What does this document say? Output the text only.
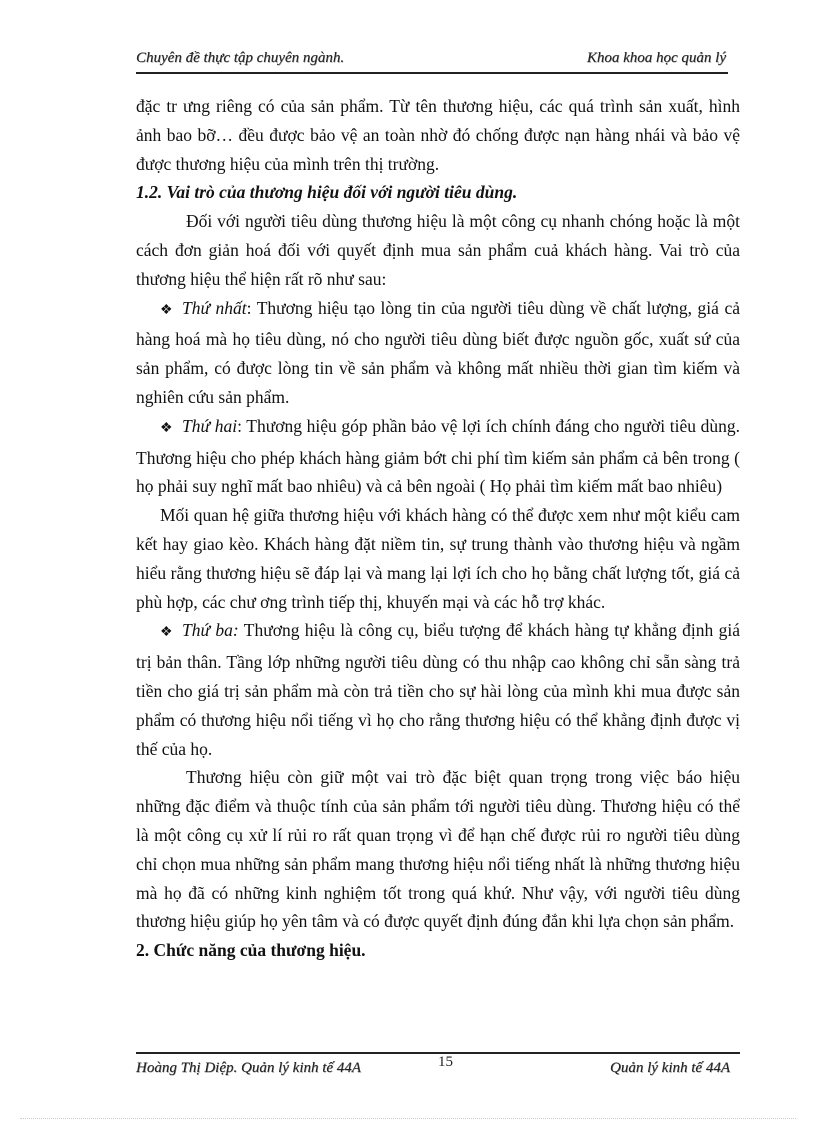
Chuyên đề thực tập chuyên ngành.	Khoa khoa học quản lý

đặc tr ưng riêng có của sản phẩm. Từ tên thương hiệu, các quá trình sản xuất, hình ảnh bao bỡ… đều được bảo vệ an toàn nhờ đó chống được nạn hàng nhái và bảo vệ được thương hiệu của mình trên thị trường.

1.2. Vai trò của thương hiệu đối với người tiêu dùng.

Đối với người tiêu dùng thương hiệu là một công cụ nhanh chóng hoặc là một cách đơn giản hoá đối với quyết định mua sản phẩm cuả khách hàng. Vai trò của thương hiệu thể hiện rất rõ như sau:

❖ Thứ nhất: Thương hiệu tạo lòng tin của người tiêu dùng về chất lượng, giá cả hàng hoá mà họ tiêu dùng, nó cho người tiêu dùng biết được nguồn gốc, xuất sứ của sản phẩm, có được lòng tin về sản phẩm và không mất nhiều thời gian tìm kiếm và nghiên cứu sản phẩm.

❖ Thứ hai: Thương hiệu góp phần bảo vệ lợi ích chính đáng cho người tiêu dùng. Thương hiệu cho phép khách hàng giảm bớt chi phí tìm kiếm sản phẩm cả bên trong ( họ phải suy nghĩ mất bao nhiêu) và cả bên ngoài ( Họ phải tìm kiếm mất bao nhiêu)

Mối quan hệ giữa thương hiệu với khách hàng có thể được xem như một kiểu cam kết hay giao kèo. Khách hàng đặt niềm tin, sự trung thành vào thương hiệu và ngầm hiểu rằng thương hiệu sẽ đáp lại và mang lại lợi ích cho họ bằng chất lượng tốt, giá cả phù hợp, các chư ơng trình tiếp thị, khuyến mại và các hỗ trợ khác.

❖ Thứ ba: Thương hiệu là công cụ, biểu tượng để khách hàng tự khẳng định giá trị bản thân. Tầng lớp những người tiêu dùng có thu nhập cao không chỉ sẵn sàng trả tiền cho giá trị sản phẩm mà còn trả tiền cho sự hài lòng của mình khi mua được sản phẩm có thương hiệu nổi tiếng vì họ cho rằng thương hiệu có thể khẳng định được vị thế của họ.

Thương hiệu còn giữ một vai trò đặc biệt quan trọng trong việc báo hiệu những đặc điểm và thuộc tính của sản phẩm tới người tiêu dùng. Thương hiệu có thể là một công cụ xử lí rủi ro rất quan trọng vì để hạn chế được rủi ro người tiêu dùng chỉ chọn mua những sản phẩm mang thương hiệu nổi tiếng nhất là những thương hiệu mà họ đã có những kinh nghiệm tốt trong quá khứ. Như vậy, với người tiêu dùng thương hiệu giúp họ yên tâm và có được quyết định đúng đắn khi lựa chọn sản phẩm.

2. Chức năng của thương hiệu.

Hoàng Thị Diệp. Quản lý kinh tế 44A	15	Quản lý kinh tế 44A
